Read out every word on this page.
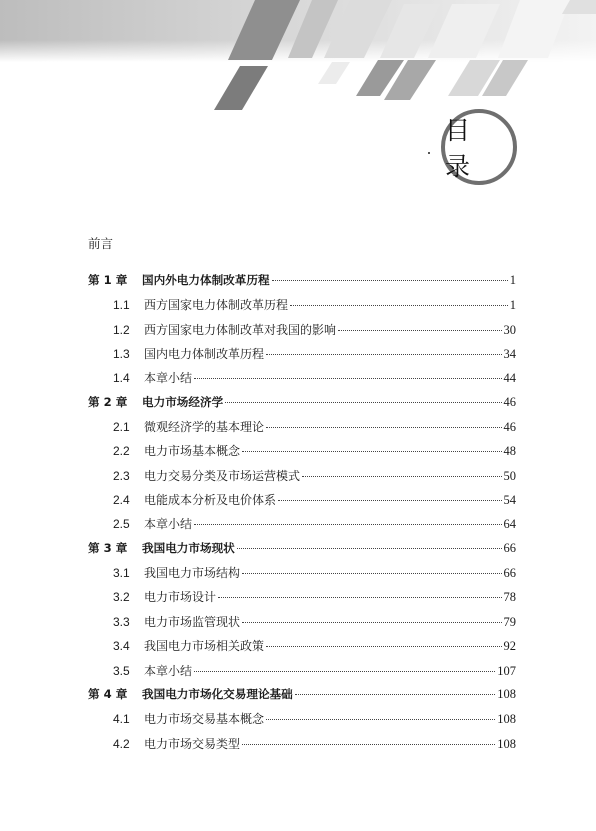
目 录
前言
第 1 章	国内外电力体制改革历程	1
1.1	西方国家电力体制改革历程	1
1.2	西方国家电力体制改革对我国的影响	30
1.3	国内电力体制改革历程	34
1.4	本章小结	44
第 2 章	电力市场经济学	46
2.1	微观经济学的基本理论	46
2.2	电力市场基本概念	48
2.3	电力交易分类及市场运营模式	50
2.4	电能成本分析及电价体系	54
2.5	本章小结	64
第 3 章	我国电力市场现状	66
3.1	我国电力市场结构	66
3.2	电力市场设计	78
3.3	电力市场监管现状	79
3.4	我国电力市场相关政策	92
3.5	本章小结	107
第 4 章	我国电力市场化交易理论基础	108
4.1	电力市场交易基本概念	108
4.2	电力市场交易类型	108
